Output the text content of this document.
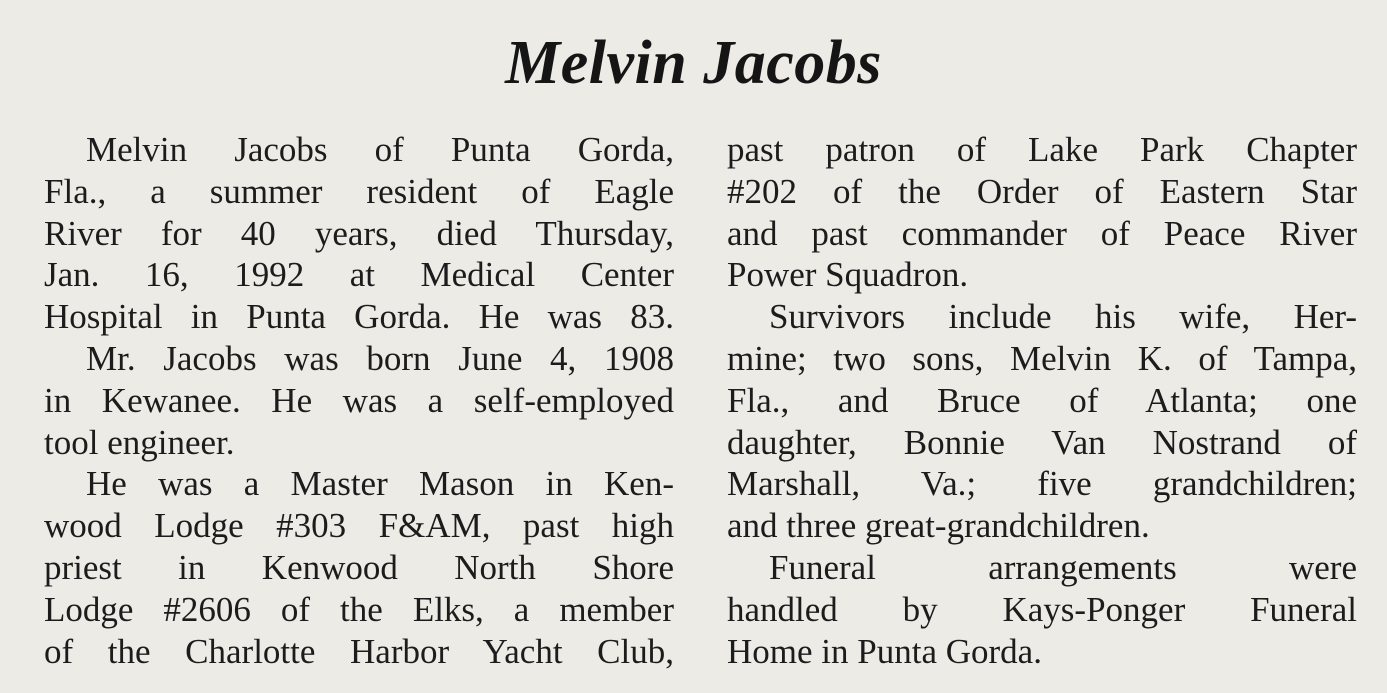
Melvin Jacobs
Melvin Jacobs of Punta Gorda,
Fla., a summer resident of Eagle
River for 40 years, died Thursday,
Jan. 16, 1992 at Medical Center
Hospital in Punta Gorda. He was 83.
Mr. Jacobs was born June 4, 1908
in Kewanee. He was a self-employed
tool engineer.
He was a Master Mason in Ken-
wood Lodge #303 F&AM, past high
priest in Kenwood North Shore
Lodge #2606 of the Elks, a member
of the Charlotte Harbor Yacht Club,
past patron of Lake Park Chapter
#202 of the Order of Eastern Star
and past commander of Peace River
Power Squadron.
Survivors include his wife, Her-
mine; two sons, Melvin K. of Tampa,
Fla., and Bruce of Atlanta; one
daughter, Bonnie Van Nostrand of
Marshall, Va.; five grandchildren;
and three great-grandchildren.
Funeral arrangements were
handled by Kays-Ponger Funeral
Home in Punta Gorda.
